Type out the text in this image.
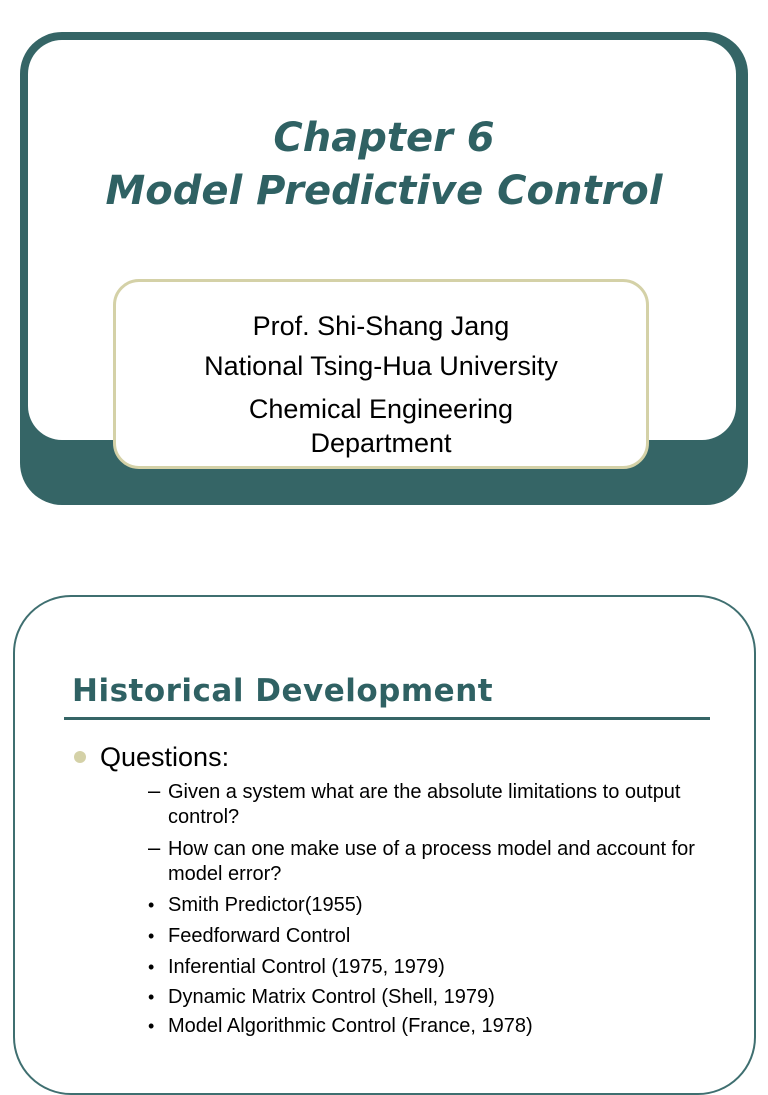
Chapter 6
Model Predictive Control
Prof. Shi-Shang Jang
National Tsing-Hua University
Chemical Engineering
Department
Historical Development
Questions:
– Given a system what are the absolute limitations to output control?
– How can one make use of a process model and account for model error?
• Smith Predictor(1955)
• Feedforward Control
• Inferential Control (1975, 1979)
• Dynamic Matrix Control (Shell, 1979)
• Model Algorithmic Control (France, 1978)
